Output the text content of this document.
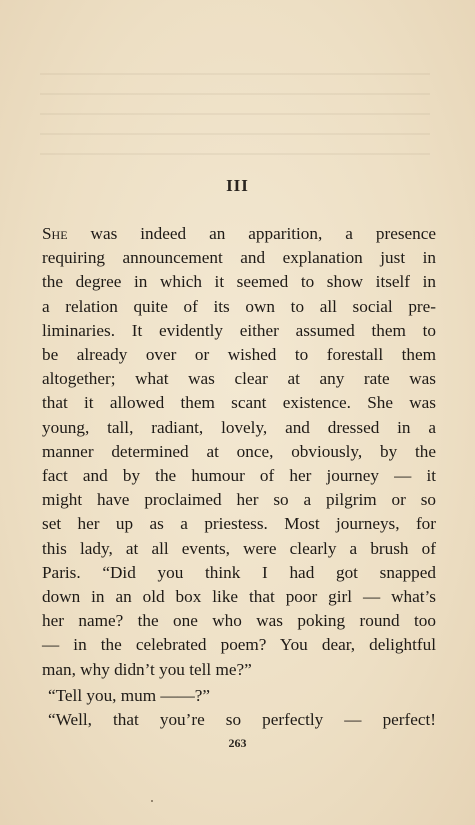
III
She was indeed an apparition, a presence
requiring announcement and explanation just in
the degree in which it seemed to show itself in
a relation quite of its own to all social pre-
liminaries. It evidently either assumed them to
be already over or wished to forestall them
altogether; what was clear at any rate was
that it allowed them scant existence. She was
young, tall, radiant, lovely, and dressed in a
manner determined at once, obviously, by the
fact and by the humour of her journey — it
might have proclaimed her so a pilgrim or so
set her up as a priestess. Most journeys, for
this lady, at all events, were clearly a brush of
Paris. “Did you think I had got snapped
down in an old box like that poor girl — what’s
her name? the one who was poking round too
— in the celebrated poem? You dear, delightful
man, why didn’t you tell me?”
“Tell you, mum ——?”
“Well, that you’re so perfectly — perfect!
263
